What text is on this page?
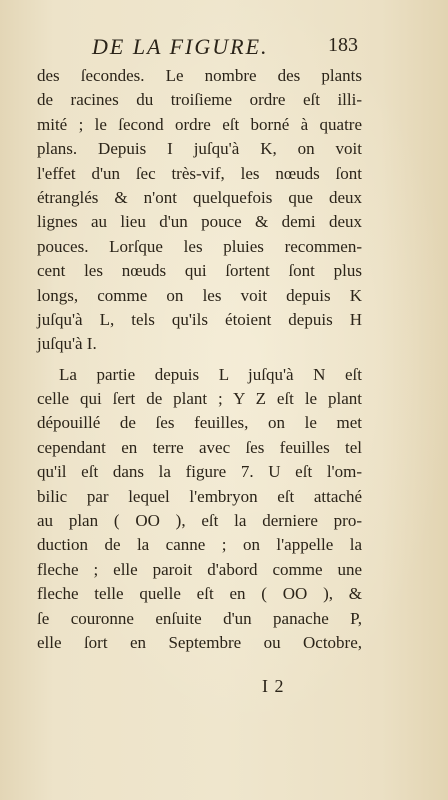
DE LA FIGURE.	183
des ſecondes. Le nombre des plants
de racines du troiſieme ordre eſt illi-
mité ; le ſecond ordre eſt borné à quatre
plans. Depuis I juſqu'à K, on voit
l'effet d'un ſec très-vif, les nœuds ſont
étranglés & n'ont quelquefois que deux
lignes au lieu d'un pouce & demi deux
pouces. Lorſque les pluies recommen-
cent les nœuds qui ſortent ſont plus
longs, comme on les voit depuis K
juſqu'à L, tels qu'ils étoient depuis H
juſqu'à I.
La partie depuis L juſqu'à N eſt
celle qui ſert de plant ; Y Z eſt le plant
dépouillé de ſes feuilles, on le met
cependant en terre avec ſes feuilles tel
qu'il eſt dans la figure 7. U eſt l'om-
bilic par lequel l'embryon eſt attaché
au plan ( OO ), eſt la derniere pro-
duction de la canne ; on l'appelle la
fleche ; elle paroit d'abord comme une
fleche telle quelle eſt en ( OO ), &
ſe couronne enſuite d'un panache P,
elle ſort en Septembre ou Octobre,
I 2
